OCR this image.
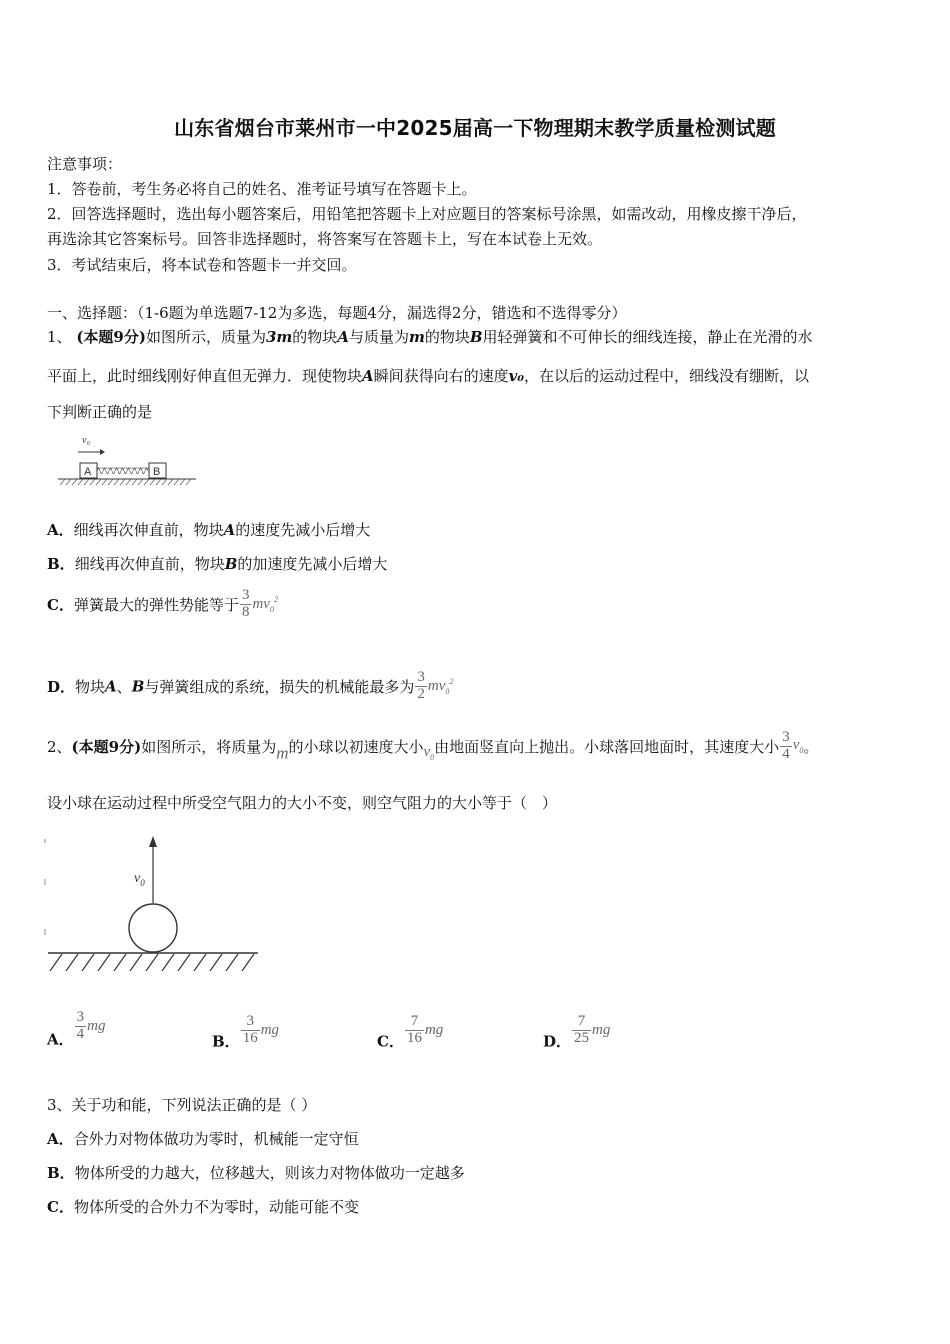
山东省烟台市莱州市一中2025届高一下物理期末教学质量检测试题
注意事项：
1．答卷前，考生务必将自己的姓名、准考证号填写在答题卡上。
2．回答选择题时，选出每小题答案后，用铅笔把答题卡上对应题目的答案标号涂黑，如需改动，用橡皮擦干净后，
再选涂其它答案标号。回答非选择题时，将答案写在答题卡上，写在本试卷上无效。
3．考试结束后，将本试卷和答题卡一并交回。
一、选择题：（1-6题为单选题7-12为多选，每题4分，漏选得2分，错选和不选得零分）
1、 (本题9分)如图所示，质量为3m的物块A与质量为m的物块B用轻弹簧和不可伸长的细线连接，静止在光滑的水
平面上，此时细线刚好伸直但无弹力．现使物块A瞬间获得向右的速度v₀，在以后的运动过程中，细线没有绷断，以
下判断正确的是
v₀
A	B
A．细线再次伸直前，物块A的速度先减小后增大
B．细线再次伸直前，物块B的加速度先减小后增大
C．弹簧最大的弹性势能等于 $\frac{3}{8} mv_0^2$
D．物块A、B与弹簧组成的系统，损失的机械能最多为 $\frac{3}{2} mv_0^2$
2、(本题9分)如图所示，将质量为m的小球以初速度大小$v_0$由地面竖直向上抛出。小球落回地面时，其速度大小 $\frac{3}{4} v_0$。
设小球在运动过程中所受空气阻力的大小不变，则空气阻力的大小等于（　）
$v_0$
A． $\frac{3}{4}$ mg
B． $\frac{3}{16}$ mg
C． $\frac{7}{16}$ mg
D． $\frac{7}{25}$ mg
3、关于功和能，下列说法正确的是（ ）
A．合外力对物体做功为零时，机械能一定守恒
B．物体所受的力越大，位移越大，则该力对物体做功一定越多
C．物体所受的合外力不为零时，动能可能不变
